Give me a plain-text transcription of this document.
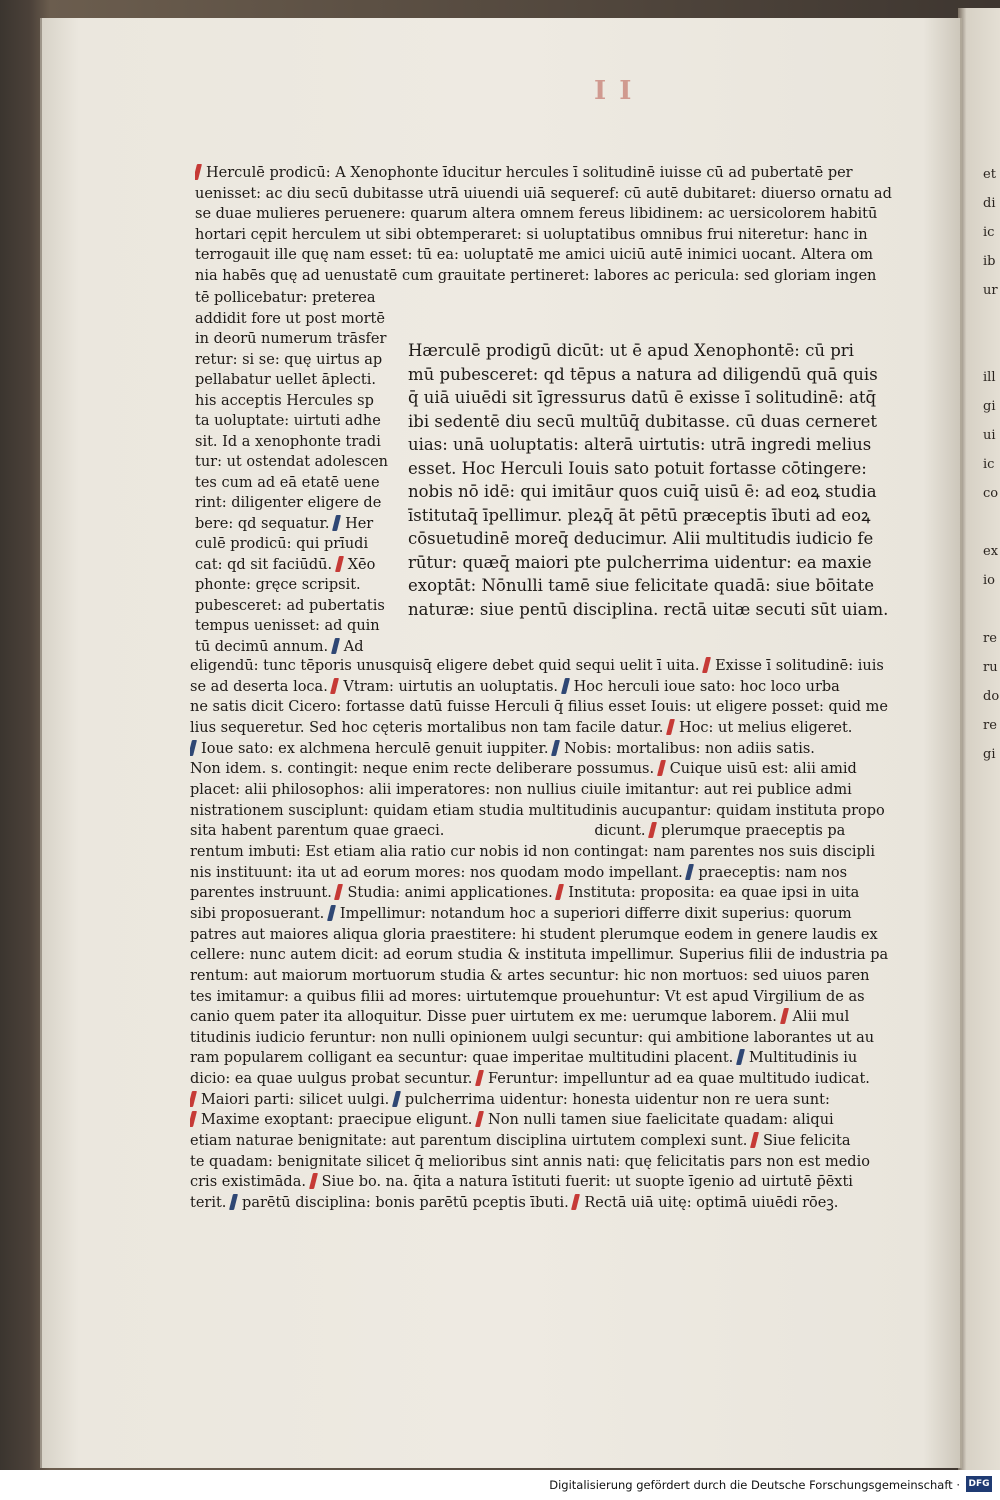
et
di
ic
ib
ur

ill
gi
ui
ic
co

ex
io

re
ru
do
re
gi
I I
Herculē prodicū: A Xenophonte īducitur hercules ī solitudinē iuisse cū ad pubertatē per
uenisset: ac diu secū dubitasse utrā uiuendi uiā sequeref: cū autē dubitaret: diuerso ornatu ad
se duae mulieres peruenere: quarum altera omnem fereus libidinem: ac uersicolorem habitū
hortari cępit herculem ut sibi obtemperaret: si uoluptatibus omnibus frui niteretur: hanc in
terrogauit ille quę nam esset: tū ea: uoluptatē me amici uiciū autē inimici uocant. Altera om
nia habēs quę ad uenustatē cum grauitate pertineret: labores ac pericula: sed gloriam ingen
tē pollicebatur: preterea
addidit fore ut post mortē
in deorū numerum trāsfer
retur: si se: quę uirtus ap
pellabatur uellet āplecti.
his acceptis Hercules sp
ta uoluptate: uirtuti adhe
sit. Id a xenophonte tradi
tur: ut ostendat adolescen
tes cum ad eā etatē uene
rint: diligenter eligere de
bere: qd sequatur. Her
culē prodicū: qui prīudi
cat: qd sit faciūdū. Xēo
phonte: gręce scripsit.
pubesceret: ad pubertatis
tempus uenisset: ad quin
tū decimū annum. Ad
Hærculē prodigū dicūt: ut ē apud Xenophontē: cū pri
mū pubesceret: qd tēpus a natura ad diligendū quā quis
q̄ uiā uiuēdi sit īgressurus datū ē exisse ī solitudinē: atq̄
ibi sedentē diu secū multūq̄ dubitasse. cū duas cerneret
uias: unā uoluptatis: alterā uirtutis: utrā ingredi melius
esset. Hoc Herculi Iouis sato potuit fortasse cōtingere:
nobis nō idē: qui imitāur quos cuiq̄ uisū ē: ad eoꝝ studia
īstitutaq̄ īpellimur. pleꝝq̄ āt pētū præceptis ībuti ad eoꝝ
cōsuetudinē moreq̄ deducimur. Alii multitudis iudicio fe
rūtur: quæq̄ maiori pte pulcherrima uidentur: ea maxie
exoptāt: Nōnulli tamē siue felicitate quadā: siue bōitate
naturæ: siue pentū disciplina. rectā uitæ secuti sūt uiam.
eligendū: tunc tēporis unusquisq̄ eligere debet quid sequi uelit ī uita. Exisse ī solitudinē: iuis
se ad deserta loca. Vtram: uirtutis an uoluptatis. Hoc herculi ioue sato: hoc loco urba
ne satis dicit Cicero: fortasse datū fuisse Herculi q̄ filius esset Iouis: ut eligere posset: quid me
lius sequeretur. Sed hoc cęteris mortalibus non tam facile datur. Hoc: ut melius eligeret.
Ioue sato: ex alchmena herculē genuit iuppiter. Nobis: mortalibus: non adiis satis.
Non idem. s. contingit: neque enim recte deliberare possumus. Cuique uisū est: alii amid
placet: alii philosophos: alii imperatores: non nullius ciuile imitantur: aut rei publice admi
nistrationem susciplunt: quidam etiam studia multitudinis aucupantur: quidam instituta propo
sita habent parentum quae graeci.	dicunt. plerumque praeceptis pa
rentum imbuti: Est etiam alia ratio cur nobis id non contingat: nam parentes nos suis discipli
nis instituunt: ita ut ad eorum mores: nos quodam modo impellant. praeceptis: nam nos
parentes instruunt. Studia: animi applicationes. Instituta: proposita: ea quae ipsi in uita
sibi proposuerant. Impellimur: notandum hoc a superiori differre dixit superius: quorum
patres aut maiores aliqua gloria praestitere: hi student plerumque eodem in genere laudis ex
cellere: nunc autem dicit: ad eorum studia & instituta impellimur. Superius filii de industria pa
rentum: aut maiorum mortuorum studia & artes secuntur: hic non mortuos: sed uiuos paren
tes imitamur: a quibus filii ad mores: uirtutemque prouehuntur: Vt est apud Virgilium de as
canio quem pater ita alloquitur. Disse puer uirtutem ex me: uerumque laborem. Alii mul
titudinis iudicio feruntur: non nulli opinionem uulgi secuntur: qui ambitione laborantes ut au
ram popularem colligant ea secuntur: quae imperitae multitudini placent. Multitudinis iu
dicio: ea quae uulgus probat secuntur. Feruntur: impelluntur ad ea quae multitudo iudicat.
Maiori parti: silicet uulgi. pulcherrima uidentur: honesta uidentur non re uera sunt:
Maxime exoptant: praecipue eligunt. Non nulli tamen siue faelicitate quadam: aliqui
etiam naturae benignitate: aut parentum disciplina uirtutem complexi sunt. Siue felicita
te quadam: benignitate silicet q̄ melioribus sint annis nati: quę felicitatis pars non est medio
cris existimāda. Siue bo. na. q̄ita a natura īstituti fuerit: ut suopte īgenio ad uirtutē p̄ēxti
terit. parētū disciplina: bonis parētū pceptis ībuti. Rectā uiā uitę: optimā uiuēdi rōeꝫ.
Digitalisierung gefördert durch die Deutsche Forschungsgemeinschaft · DFG
